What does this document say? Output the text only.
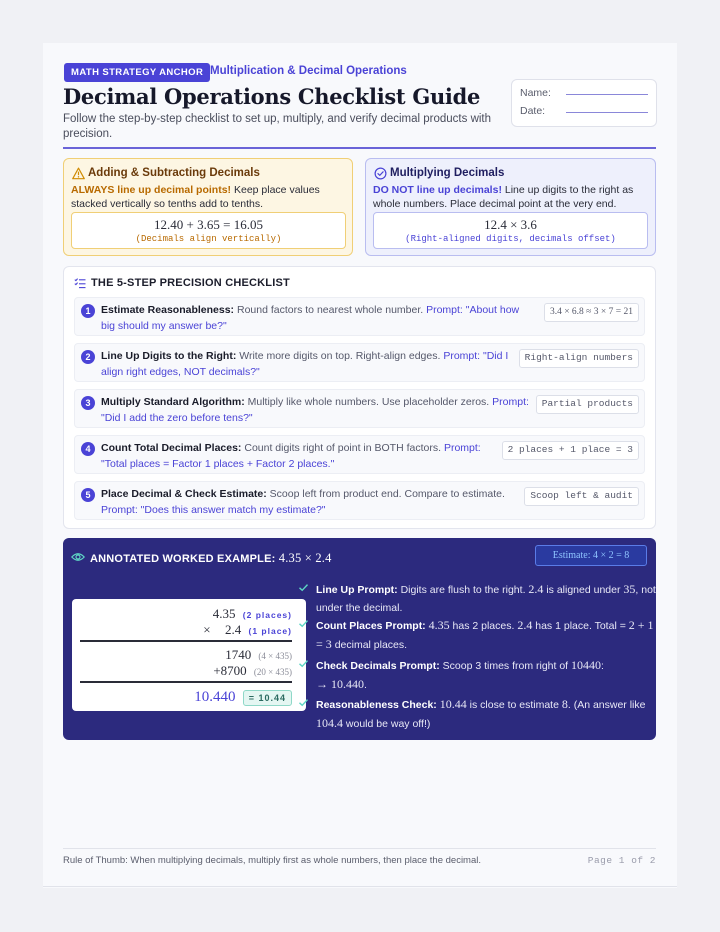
MATH STRATEGY ANCHOR Multiplication & Decimal Operations
Decimal Operations Checklist Guide
Follow the step-by-step checklist to set up, multiply, and verify decimal products with precision.
Name:
Date:
Adding & Subtracting Decimals
ALWAYS line up decimal points! Keep place values stacked vertically so tenths add to tenths.
12.40 + 3.65 = 16.05
(Decimals align vertically)
Multiplying Decimals
DO NOT line up decimals! Line up digits to the right as whole numbers. Place decimal point at the very end.
12.4 × 3.6
(Right-aligned digits, decimals offset)
THE 5-STEP PRECISION CHECKLIST
1	Estimate Reasonableness: Round factors to nearest whole number. Prompt: "About how big should my answer be?"
3.4 × 6.8 ≈ 3 × 7 = 21
2	Line Up Digits to the Right: Write more digits on top. Right-align edges. Prompt: "Did I align right edges, NOT decimals?"
Right-align numbers
3	Multiply Standard Algorithm: Multiply like whole numbers. Use placeholder zeros. Prompt: "Did I add the zero before tens?"
Partial products
4	Count Total Decimal Places: Count digits right of point in BOTH factors. Prompt: "Total places = Factor 1 places + Factor 2 places."
2 places + 1 place = 3
5	Place Decimal & Check Estimate: Scoop left from product end. Compare to estimate. Prompt: "Does this answer match my estimate?"
Scoop left & audit
ANNOTATED WORKED EXAMPLE: 4.35 × 2.4	Estimate: 4 × 2 = 8
4.35 (2 places)
× 2.4 (1 place)
1740 (4 × 435)
+8700 (20 × 435)
10.440 = 10.44
Line Up Prompt: Digits are flush to the right. 2.4 is aligned under 35, not under the decimal.
Count Places Prompt: 4.35 has 2 places. 2.4 has 1 place. Total = 2 + 1 = 3 decimal places.
Check Decimals Prompt: Scoop 3 times from right of 10440:
→ 10.440.
Reasonableness Check: 10.44 is close to estimate 8. (An answer like 104.4 would be way off!)
Rule of Thumb: When multiplying decimals, multiply first as whole numbers, then place the decimal.	Page 1 of 2
